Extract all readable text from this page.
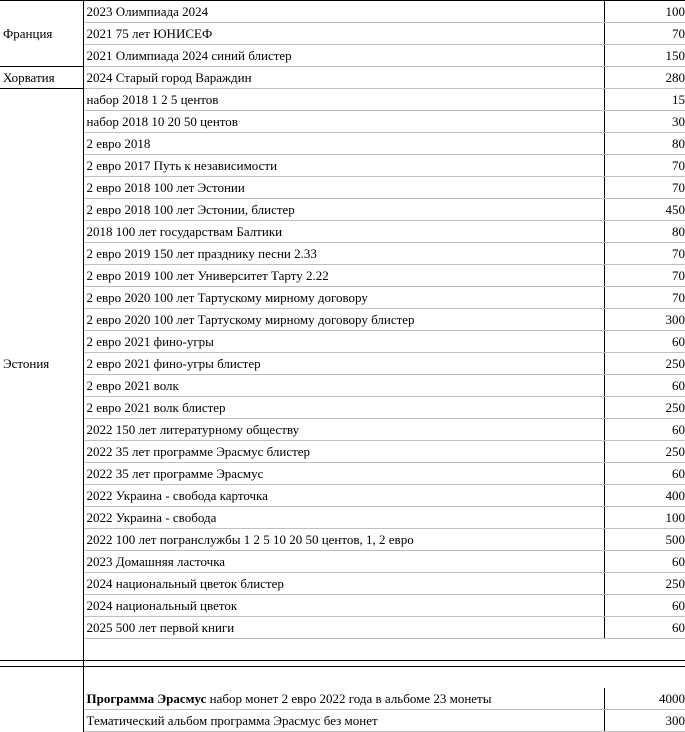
Франция	2023 Олимпиада 2024	100
	2021 75 лет ЮНИСЕФ	70
	2021 Олимпиада 2024 синий блистер	150
Хорватия	2024 Старый город Вараждин	280
Эстония	набор 2018 1 2 5 центов	15
	набор 2018 10 20 50 центов	30
	2 евро 2018	80
	2 евро 2017 Путь к независимости	70
	2 евро 2018 100 лет Эстонии	70
	2 евро 2018 100 лет Эстонии, блистер	450
	2018 100 лет государствам Балтики	80
	2 евро 2019 150 лет празднику песни 2.33	70
	2 евро 2019 100 лет Университет Тарту 2.22	70
	2 евро 2020 100 лет Тартускому мирному договору	70
	2 евро 2020 100 лет Тартускому мирному договору блистер	300
	2 евро 2021 фино-угры	60
	2 евро 2021 фино-угры блистер	250
	2 евро 2021 волк	60
	2 евро 2021 волк блистер	250
	2022 150 лет литературному обществу	60
	2022 35 лет программе Эрасмус блистер	250
	2022 35 лет программе Эрасмус	60
	2022 Украина - свобода карточка	400
	2022 Украина - свобода	100
	2022 100 лет погранслужбы 1 2 5 10 20 50 центов, 1, 2 евро	500
	2023 Домашняя ласточка	60
	2024 национальный цветок блистер	250
	2024 национальный цветок	60
	2025 500 лет первой книги	60

	Программа Эрасмус набор монет 2 евро 2022 года в альбоме 23 монеты	4000
	Тематический альбом программа Эрасмус без монет	300
